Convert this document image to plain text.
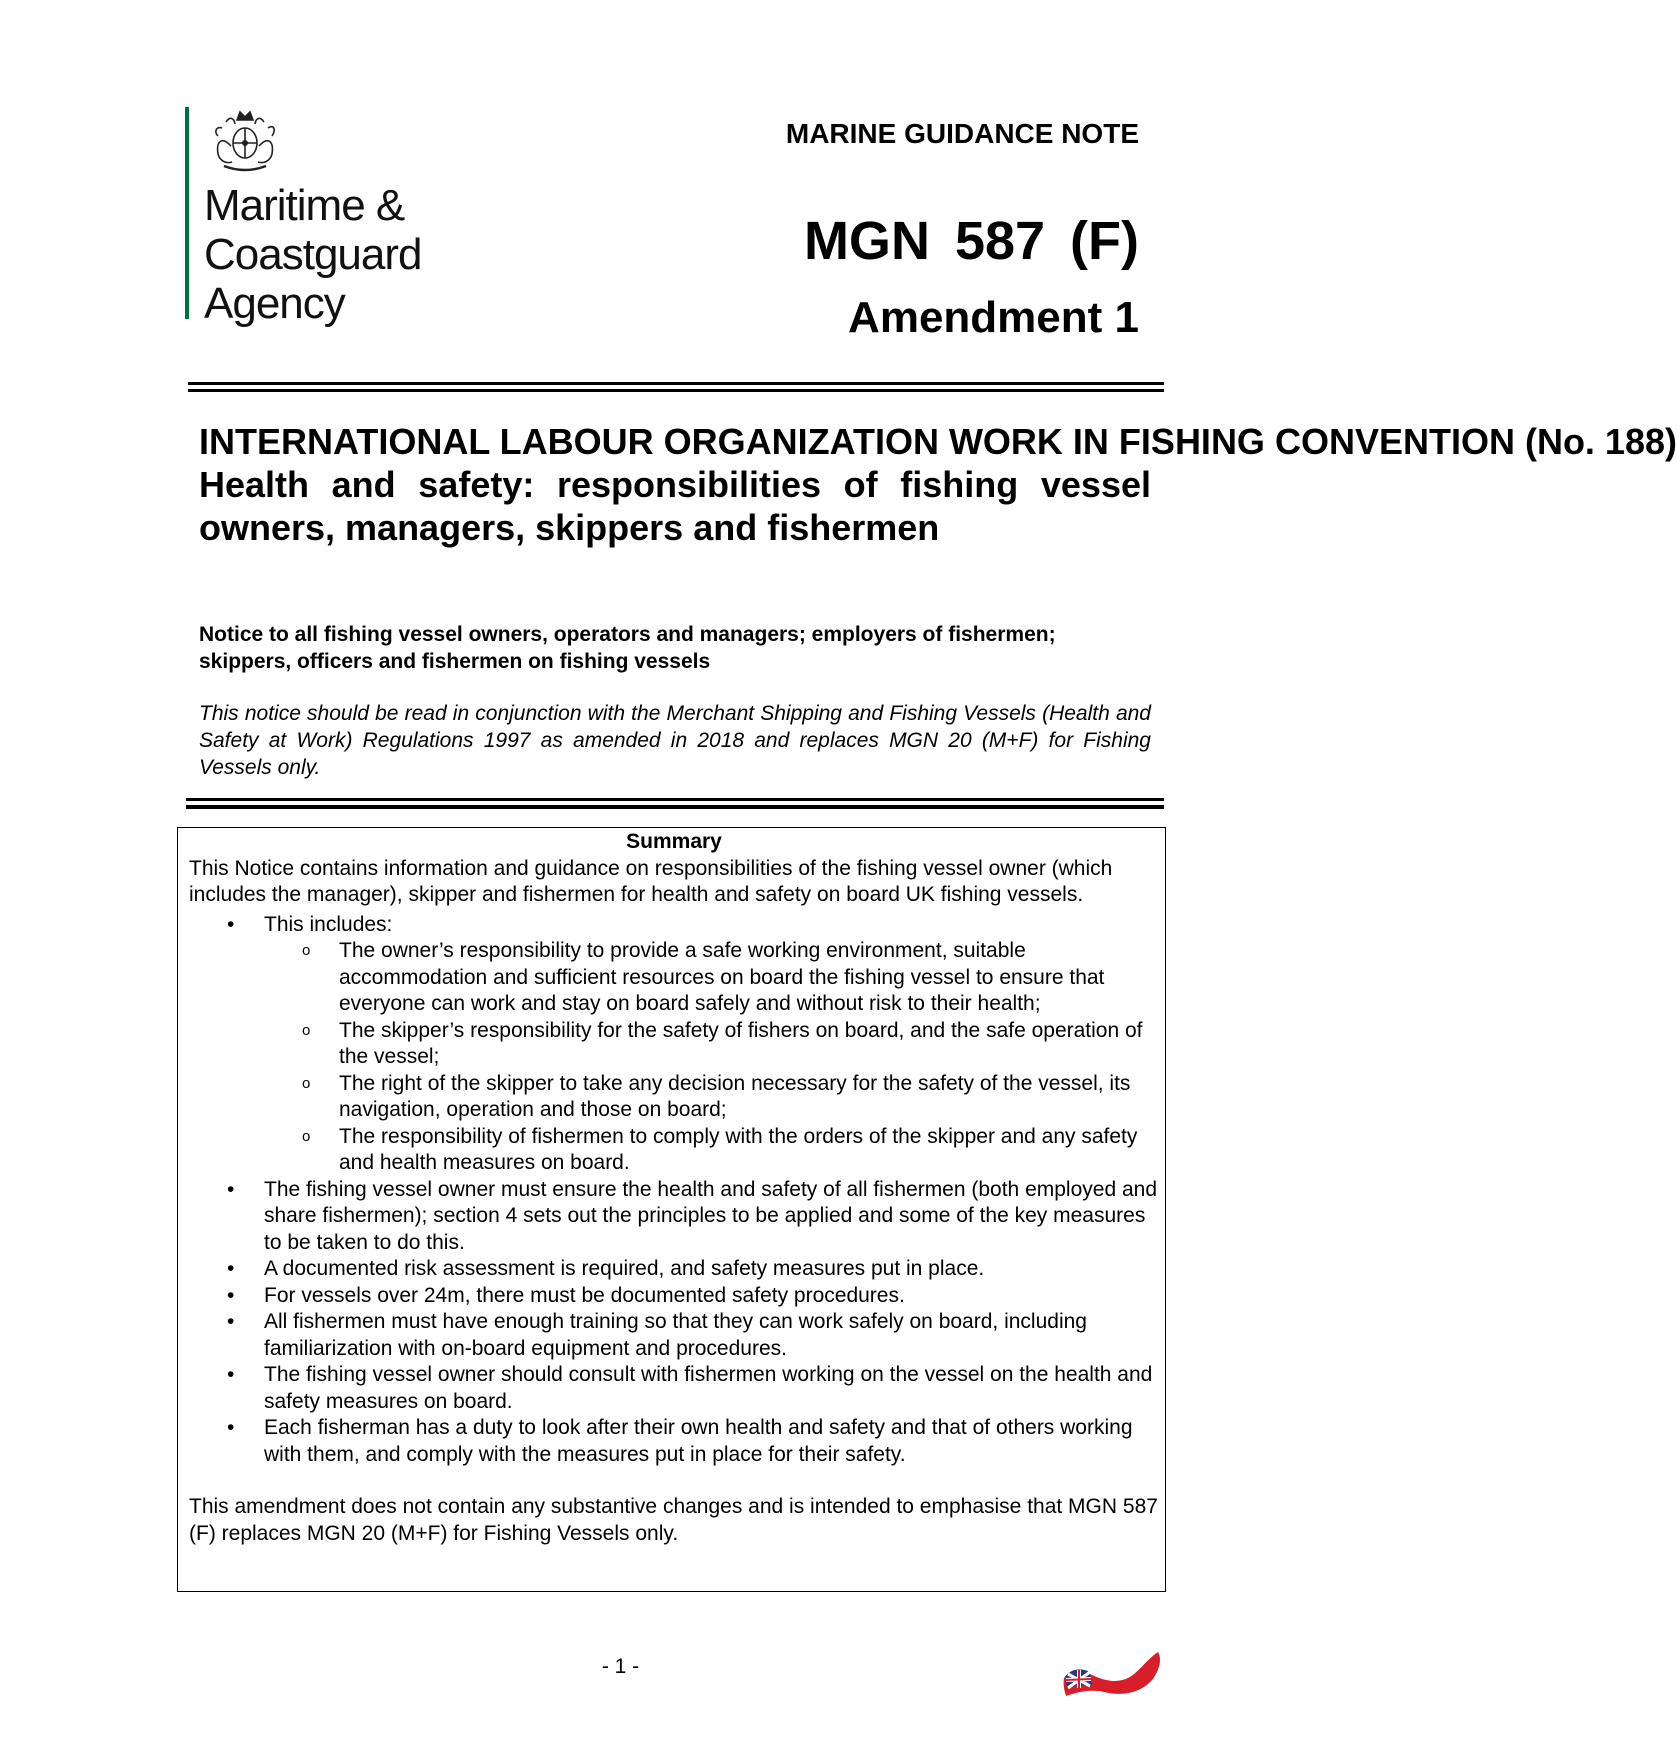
Maritime &
Coastguard
Agency
MARINE GUIDANCE NOTE
MGN 587 (F)
Amendment 1
INTERNATIONAL LABOUR ORGANIZATION WORK IN FISHING CONVENTION (No. 188)
Health and safety: responsibilities of fishing vessel owners, managers, skippers and fishermen
Notice to all fishing vessel owners, operators and managers; employers of fishermen; skippers, officers and fishermen on fishing vessels
This notice should be read in conjunction with the Merchant Shipping and Fishing Vessels (Health and Safety at Work) Regulations 1997 as amended in 2018 and replaces MGN 20 (M+F) for Fishing Vessels only.
Summary
This Notice contains information and guidance on responsibilities of the fishing vessel owner (which includes the manager), skipper and fishermen for health and safety on board UK fishing vessels.
• This includes:
o The owner’s responsibility to provide a safe working environment, suitable accommodation and sufficient resources on board the fishing vessel to ensure that everyone can work and stay on board safely and without risk to their health;
o The skipper’s responsibility for the safety of fishers on board, and the safe operation of the vessel;
o The right of the skipper to take any decision necessary for the safety of the vessel, its navigation, operation and those on board;
o The responsibility of fishermen to comply with the orders of the skipper and any safety and health measures on board.
• The fishing vessel owner must ensure the health and safety of all fishermen (both employed and share fishermen); section 4 sets out the principles to be applied and some of the key measures to be taken to do this.
• A documented risk assessment is required, and safety measures put in place.
• For vessels over 24m, there must be documented safety procedures.
• All fishermen must have enough training so that they can work safely on board, including familiarization with on-board equipment and procedures.
• The fishing vessel owner should consult with fishermen working on the vessel on the health and safety measures on board.
• Each fisherman has a duty to look after their own health and safety and that of others working with them, and comply with the measures put in place for their safety.
This amendment does not contain any substantive changes and is intended to emphasise that MGN 587 (F) replaces MGN 20 (M+F) for Fishing Vessels only.
- 1 -
